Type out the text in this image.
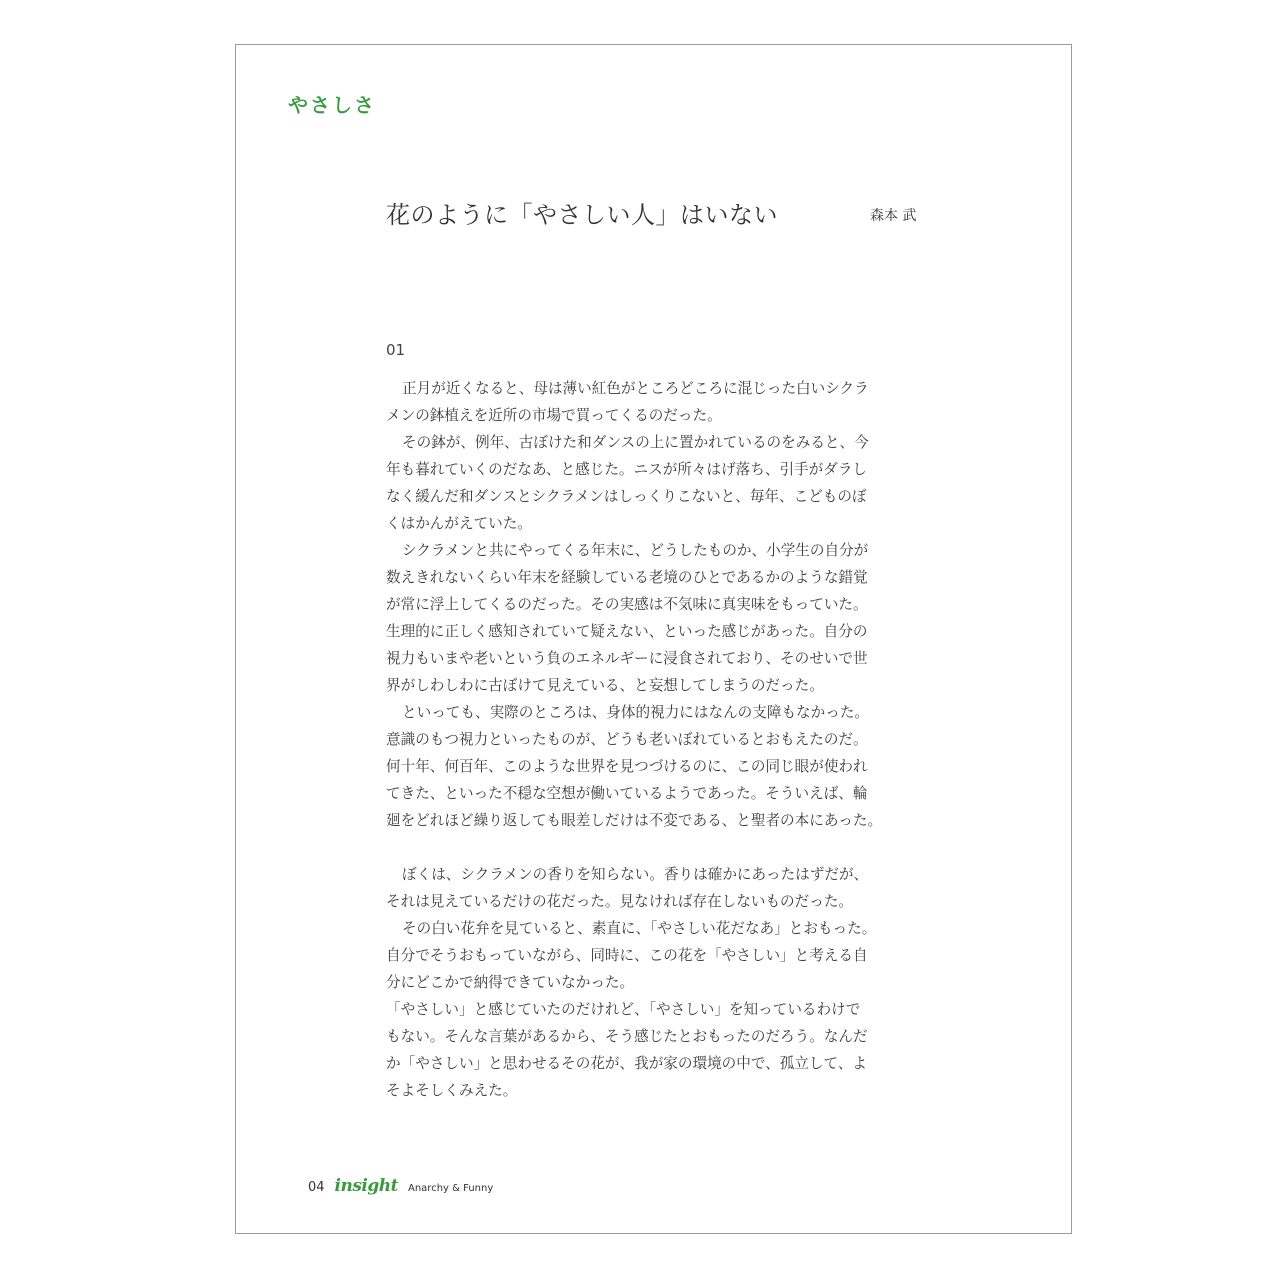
やさしさ
花のように「やさしい人」はいない	森本 武
01
正月が近くなると、母は薄い紅色がところどころに混じった白いシクラ
メンの鉢植えを近所の市場で買ってくるのだった。
その鉢が、例年、古ぼけた和ダンスの上に置かれているのをみると、今
年も暮れていくのだなあ、と感じた。ニスが所々はげ落ち、引手がダラし
なく緩んだ和ダンスとシクラメンはしっくりこないと、毎年、こどものぼ
くはかんがえていた。
シクラメンと共にやってくる年末に、どうしたものか、小学生の自分が
数えきれないくらい年末を経験している老境のひとであるかのような錯覚
が常に浮上してくるのだった。その実感は不気味に真実味をもっていた。
生理的に正しく感知されていて疑えない、といった感じがあった。自分の
視力もいまや老いという負のエネルギーに浸食されており、そのせいで世
界がしわしわに古ぼけて見えている、と妄想してしまうのだった。
といっても、実際のところは、身体的視力にはなんの支障もなかった。
意識のもつ視力といったものが、どうも老いぼれているとおもえたのだ。
何十年、何百年、このような世界を見つづけるのに、この同じ眼が使われ
てきた、といった不穏な空想が働いているようであった。そういえば、輪
廻をどれほど繰り返しても眼差しだけは不変である、と聖者の本にあった。
ぼくは、シクラメンの香りを知らない。香りは確かにあったはずだが、
それは見えているだけの花だった。見なければ存在しないものだった。
その白い花弁を見ていると、素直に、「やさしい花だなあ」とおもった。
自分でそうおもっていながら、同時に、この花を「やさしい」と考える自
分にどこかで納得できていなかった。
「やさしい」と感じていたのだけれど、「やさしい」を知っているわけで
もない。そんな言葉があるから、そう感じたとおもったのだろう。なんだ
か「やさしい」と思わせるその花が、我が家の環境の中で、孤立して、よ
そよそしくみえた。
04 insight Anarchy & Funny
